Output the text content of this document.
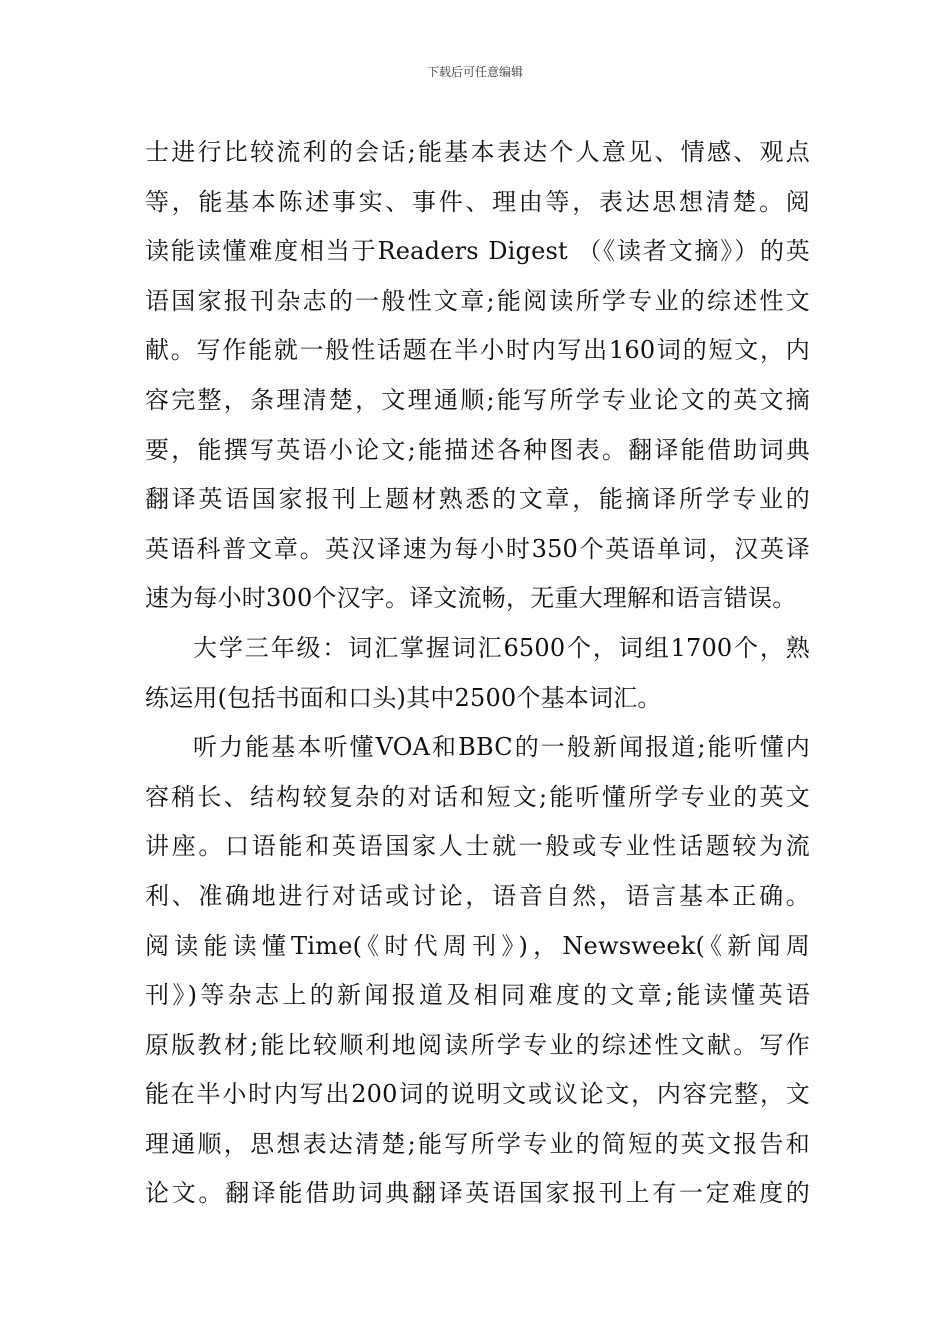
下载后可任意编辑
士进行比较流利的会话;能基本表达个人意见、情感、观点
等，能基本陈述事实、事件、理由等，表达思想清楚。阅
读能读懂难度相当于Readers Digest （《读者文摘》）的英
语国家报刊杂志的一般性文章;能阅读所学专业的综述性文
献。写作能就一般性话题在半小时内写出160词的短文，内
容完整，条理清楚，文理通顺;能写所学专业论文的英文摘
要，能撰写英语小论文;能描述各种图表。翻译能借助词典
翻译英语国家报刊上题材熟悉的文章，能摘译所学专业的
英语科普文章。英汉译速为每小时350个英语单词，汉英译
速为每小时300个汉字。译文流畅，无重大理解和语言错误。
大学三年级：词汇掌握词汇6500个，词组1700个，熟
练运用(包括书面和口头)其中2500个基本词汇。
听力能基本听懂VOA和BBC的一般新闻报道;能听懂内
容稍长、结构较复杂的对话和短文;能听懂所学专业的英文
讲座。口语能和英语国家人士就一般或专业性话题较为流
利、准确地进行对话或讨论，语音自然，语言基本正确。
阅读能读懂Time(《时代周刊》)，Newsweek(《新闻周
刊》)等杂志上的新闻报道及相同难度的文章;能读懂英语
原版教材;能比较顺利地阅读所学专业的综述性文献。写作
能在半小时内写出200词的说明文或议论文，内容完整，文
理通顺，思想表达清楚;能写所学专业的简短的英文报告和
论文。翻译能借助词典翻译英语国家报刊上有一定难度的
